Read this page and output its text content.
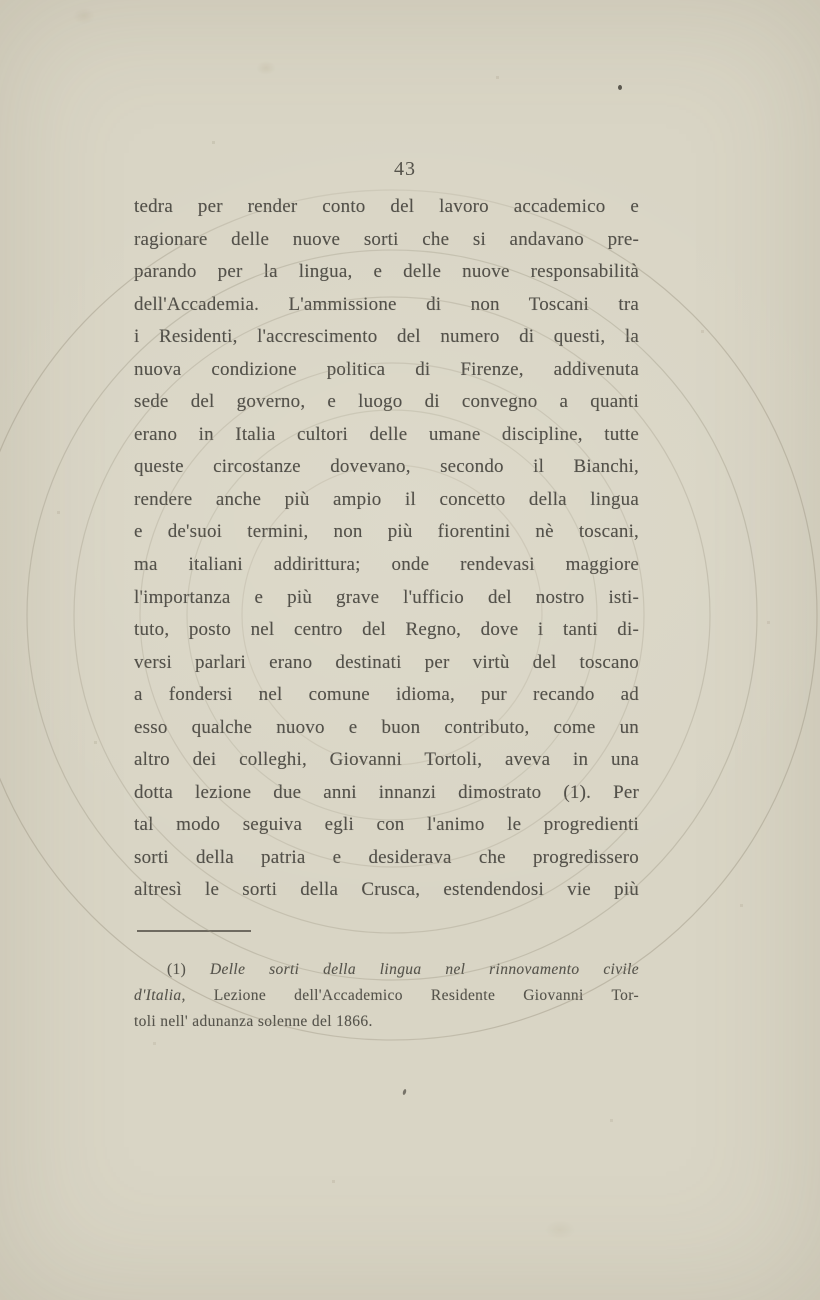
43
tedra per render conto del lavoro accademico e
ragionare delle nuove sorti che si andavano pre-
parando per la lingua, e delle nuove responsabilità
dell'Accademia. L'ammissione di non Toscani tra
i Residenti, l'accrescimento del numero di questi, la
nuova condizione politica di Firenze, addivenuta
sede del governo, e luogo di convegno a quanti
erano in Italia cultori delle umane discipline, tutte
queste circostanze dovevano, secondo il Bianchi,
rendere anche più ampio il concetto della lingua
e de'suoi termini, non più fiorentini nè toscani,
ma italiani addirittura; onde rendevasi maggiore
l'importanza e più grave l'ufficio del nostro isti-
tuto, posto nel centro del Regno, dove i tanti di-
versi parlari erano destinati per virtù del toscano
a fondersi nel comune idioma, pur recando ad
esso qualche nuovo e buon contributo, come un
altro dei colleghi, Giovanni Tortoli, aveva in una
dotta lezione due anni innanzi dimostrato (1). Per
tal modo seguiva egli con l'animo le progredienti
sorti della patria e desiderava che progredissero
altresì le sorti della Crusca, estendendosi vie più
(1) Delle sorti della lingua nel rinnovamento civile
d'Italia, Lezione dell'Accademico Residente Giovanni Tor-
toli nell' adunanza solenne del 1866.
